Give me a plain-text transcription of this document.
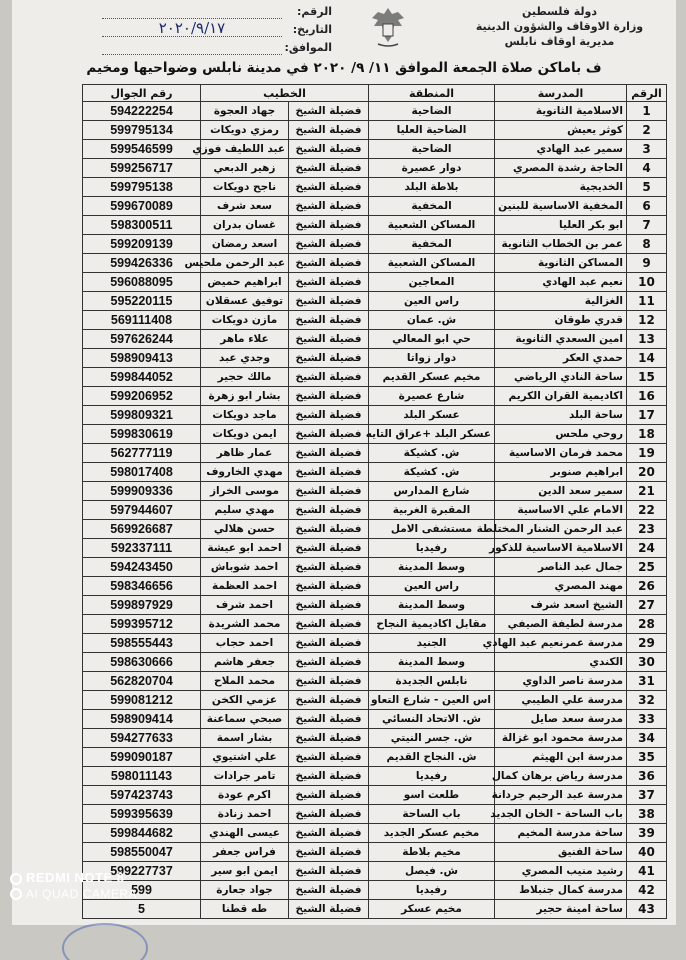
دولة فلسطين
وزارة الاوقاف والشؤون الدينية
مديرية اوقاف نابلس
الرقم:
التاريخ:
٢٠٢٠/٩/١٧
الموافق:
ف باماكن صلاة الجمعة الموافق ١١/ ٩/ ٢٠٢٠ في مدينة نابلس وضواحيها ومخيم
الرقم	المدرسة	المنطقة	الخطيب		رقم الجوال
1	الاسلامية الثانوية	الضاحية	فضيلة الشيخ	جهاد العجوة	594222254
2	كوثر يعيش	الضاحية العليا	فضيلة الشيخ	رمزي دويكات	599795134
3	سمير عبد الهادي	الضاحية	فضيلة الشيخ	عبد اللطيف فوزي	599546599
4	الحاجة رشدة المصري	دوار عصيرة	فضيلة الشيخ	زهير الدبعي	599256717
5	الخديجية	بلاطة البلد	فضيلة الشيخ	ناجح دويكات	599795138
6	المخفية الاساسية للبنين	المخفية	فضيلة الشيخ	سعد شرف	599670089
7	ابو بكر العليا	المساكن الشعبية	فضيلة الشيخ	غسان بدران	598300511
8	عمر بن الخطاب الثانوية	المخفية	فضيلة الشيخ	اسعد رمضان	599209139
9	المساكن الثانوية	المساكن الشعبية	فضيلة الشيخ	عبد الرحمن ملحيس	599426336
10	نعيم عبد الهادي	المعاجين	فضيلة الشيخ	ابراهيم حميض	596088095
11	الغزالية	راس العين	فضيلة الشيخ	توفيق عسقلان	595220115
12	قدري طوقان	ش. عمان	فضيلة الشيخ	مازن دويكات	569111408
13	امين السعدي الثانوية	حي ابو المعالي	فضيلة الشيخ	علاء ماهر	597626244
14	حمدي العكر	دوار زواتا	فضيلة الشيخ	وجدي عبد	598909413
15	ساحة النادي الرياضي	مخيم عسكر القديم	فضيلة الشيخ	مالك حجير	599844052
16	اكاديمية القران الكريم	شارع عصيرة	فضيلة الشيخ	بشار ابو زهرة	599206952
17	ساحة البلد	عسكر البلد	فضيلة الشيخ	ماجد دويكات	599809321
18	روحي ملحس	عسكر البلد +عراق التايه	فضيلة الشيخ	ايمن دويكات	599830619
19	محمد فرمان الاساسية	ش. كشيكة	فضيلة الشيخ	عمار ظاهر	562777119
20	ابراهيم صنوبر	ش. كشيكة	فضيلة الشيخ	مهدي الخاروف	598017408
21	سمير سعد الدين	شارع المدارس	فضيلة الشيخ	موسى الخراز	599909336
22	الامام علي الاساسية	المقبرة الغربية	فضيلة الشيخ	مهدي سليم	597944607
23	عبد الرحمن الشنار المختلطة	مستشفى الامل	فضيلة الشيخ	حسن هلالي	569926687
24	الاسلامية الاساسية للذكور	رفيديا	فضيلة الشيخ	احمد ابو عيشة	592337111
25	جمال عبد الناصر	وسط المدينة	فضيلة الشيخ	احمد شوباش	594243450
26	مهند المصري	راس العين	فضيلة الشيخ	احمد العظمة	598346656
27	الشيخ اسعد شرف	وسط المدينة	فضيلة الشيخ	احمد شرف	599897929
28	مدرسة لطيفة الصيفي	مقابل اكاديمية النجاح	فضيلة الشيخ	محمد الشريدة	599395712
29	مدرسة عمرنعيم عبد الهادي	الجنيد	فضيلة الشيخ	احمد حجاب	598555443
30	الكندي	وسط المدينة	فضيلة الشيخ	جعفر هاشم	598630666
31	مدرسة ناصر الداوي	نابلس الجديدة	فضيلة الشيخ	محمد الملاح	562820704
32	مدرسة علي الطيبي	اس العين - شارع التعاو	فضيلة الشيخ	عزمي الكخن	599081212
33	مدرسة سعد صايل	ش. الاتحاد النسائي	فضيلة الشيخ	صبحي سماعنة	598909414
34	مدرسة محمود ابو غزالة	ش. جسر النيتي	فضيلة الشيخ	بشار اسمة	594277633
35	مدرسة ابن الهيثم	ش. النجاح القديم	فضيلة الشيخ	علي اشتيوي	599090187
36	مدرسة رياض برهان كمال	رفيديا	فضيلة الشيخ	تامر جرادات	598011143
37	مدرسة عبد الرحيم جردانة	طلعت اسو	فضيلة الشيخ	اكرم عودة	597423743
38	باب الساحة - الخان الجديد	باب الساحة	فضيلة الشيخ	احمد زنادة	599395639
39	ساحة مدرسة المخيم	مخيم عسكر الجديد	فضيلة الشيخ	عيسى الهندي	599844682
40	ساحة الفنيق	مخيم بلاطة	فضيلة الشيخ	فراس جعفر	598550047
41	رشيد منيب المصري	ش. فيصل	فضيلة الشيخ	ايمن ابو سير	599227737
42	مدرسة كمال جنبلاط	رفيديا	فضيلة الشيخ	جواد جعارة	599
43	ساحة امينة حجير	مخيم عسكر	فضيلة الشيخ	طه قطنا	5
REDMI NOTE 8
AI QUAD CAMERA
